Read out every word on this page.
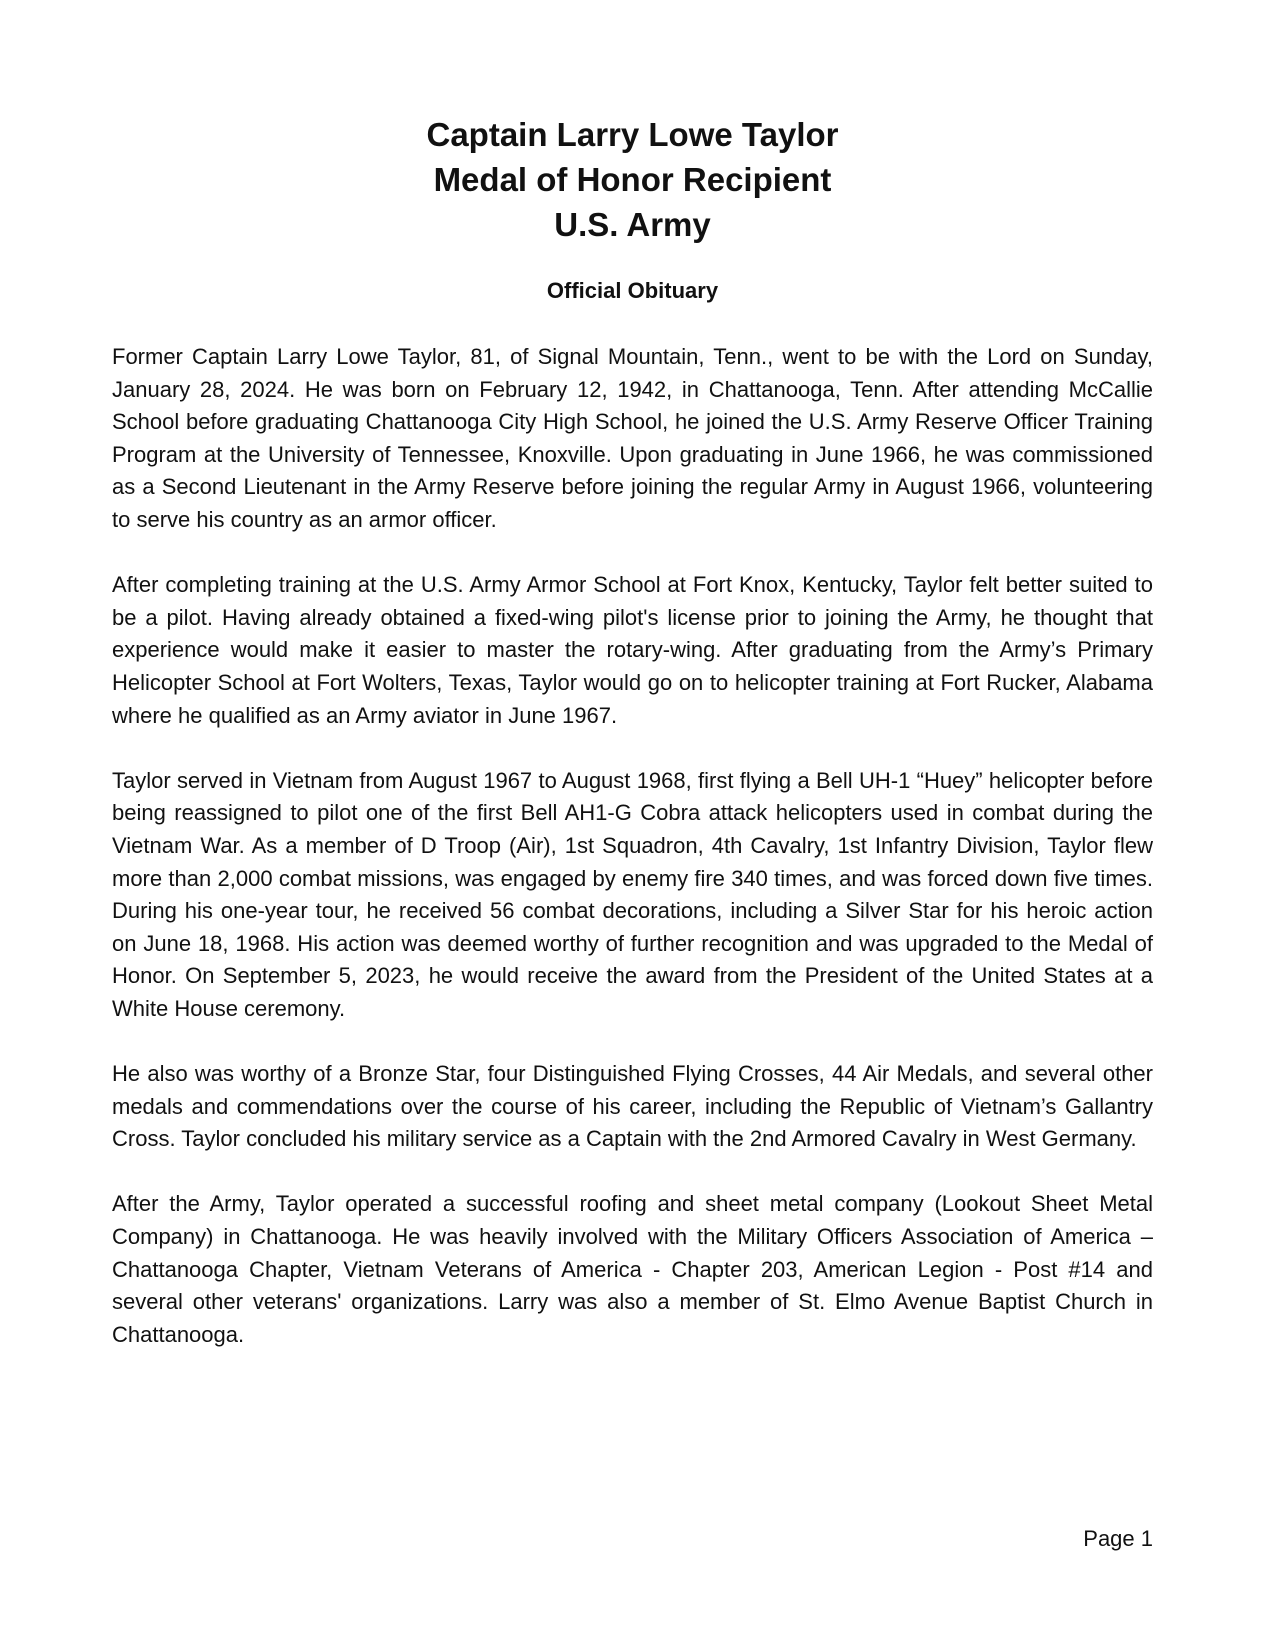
Captain Larry Lowe Taylor

Medal of Honor Recipient

U.S. Army

Official Obituary

Former Captain Larry Lowe Taylor, 81, of Signal Mountain, Tenn., went to be with the Lord on Sunday, January 28, 2024. He was born on February 12, 1942, in Chattanooga, Tenn. After attending McCallie School before graduating Chattanooga City High School, he joined the U.S. Army Reserve Officer Training Program at the University of Tennessee, Knoxville. Upon graduating in June 1966, he was commissioned as a Second Lieutenant in the Army Reserve before joining the regular Army in August 1966, volunteering to serve his country as an armor officer.

After completing training at the U.S. Army Armor School at Fort Knox, Kentucky, Taylor felt better suited to be a pilot. Having already obtained a fixed-wing pilot's license prior to joining the Army, he thought that experience would make it easier to master the rotary-wing. After graduating from the Army’s Primary Helicopter School at Fort Wolters, Texas, Taylor would go on to helicopter training at Fort Rucker, Alabama where he qualified as an Army aviator in June 1967.

Taylor served in Vietnam from August 1967 to August 1968, first flying a Bell UH-1 “Huey” helicopter before being reassigned to pilot one of the first Bell AH1-G Cobra attack helicopters used in combat during the Vietnam War. As a member of D Troop (Air), 1st Squadron, 4th Cavalry, 1st Infantry Division, Taylor flew more than 2,000 combat missions, was engaged by enemy fire 340 times, and was forced down five times. During his one-year tour, he received 56 combat decorations, including a Silver Star for his heroic action on June 18, 1968. His action was deemed worthy of further recognition and was upgraded to the Medal of Honor. On September 5, 2023, he would receive the award from the President of the United States at a White House ceremony.

He also was worthy of a Bronze Star, four Distinguished Flying Crosses, 44 Air Medals, and several other medals and commendations over the course of his career, including the Republic of Vietnam’s Gallantry Cross. Taylor concluded his military service as a Captain with the 2nd Armored Cavalry in West Germany.

After the Army, Taylor operated a successful roofing and sheet metal company (Lookout Sheet Metal Company) in Chattanooga. He was heavily involved with the Military Officers Association of America – Chattanooga Chapter, Vietnam Veterans of America - Chapter 203, American Legion - Post #14 and several other veterans' organizations. Larry was also a member of St. Elmo Avenue Baptist Church in Chattanooga.

Page 1
